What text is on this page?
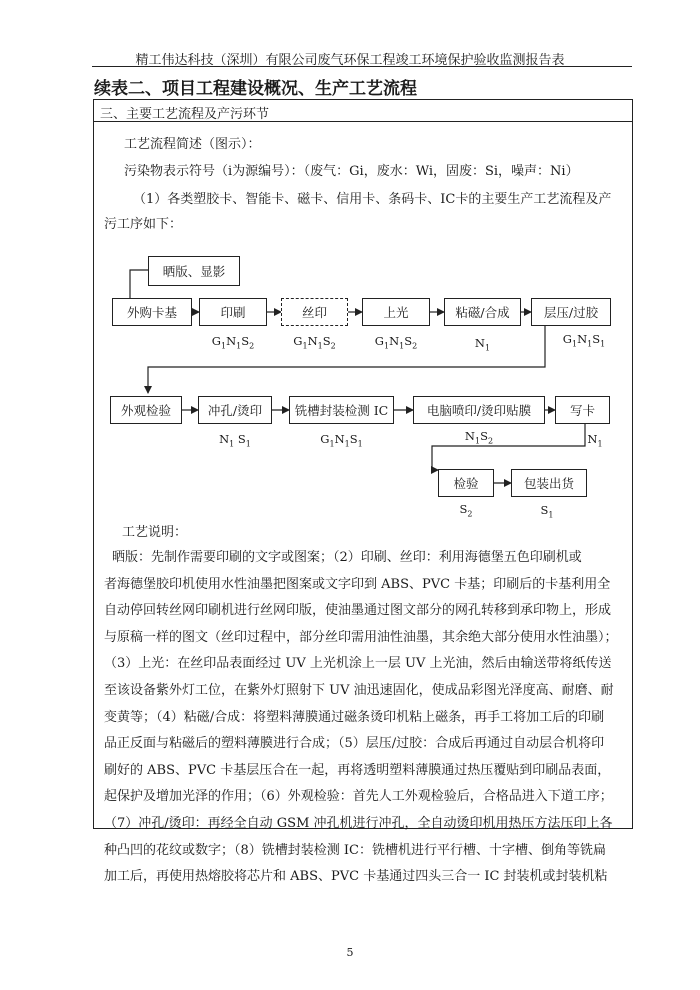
精工伟达科技（深圳）有限公司废气环保工程竣工环境保护验收监测报告表
续表二、项目工程建设概况、生产工艺流程
三、主要工艺流程及产污环节
工艺流程简述（图示）：
污染物表示符号（i为源编号）：（废气：Gi，废水：Wi，固废：Si，噪声：Ni）
（1）各类塑胶卡、智能卡、磁卡、信用卡、条码卡、IC卡的主要生产工艺流程及产
污工序如下：
晒版、显影
外购卡基	印刷	丝印	上光	粘磁/合成	层压/过胶
$G_1N_1S_2$	$G_1N_1S_2$	$G_1N_1S_2$	$N_1$
$G_1N_1S_1$
外观检验	冲孔/烫印	铣槽封装检测 IC	电脑喷印/烫印贴膜	写卡
$N_1$ $S_1$	$G_1N_1S_1$
$N_1S_2$	$N_1$
检验	包装出货
$S_2$	$S_1$
工艺说明：
晒版：先制作需要印刷的文字或图案；（2）印刷、丝印：利用海德堡五色印刷机或
者海德堡胶印机使用水性油墨把图案或文字印到 ABS、PVC 卡基；印刷后的卡基利用全
自动停回转丝网印刷机进行丝网印版，使油墨通过图文部分的网孔转移到承印物上，形成
与原稿一样的图文（丝印过程中，部分丝印需用油性油墨，其余绝大部分使用水性油墨）；
（3）上光：在丝印品表面经过 UV 上光机涂上一层 UV 上光油，然后由输送带将纸传送
至该设备紫外灯工位，在紫外灯照射下 UV 油迅速固化，使成品彩图光泽度高、耐磨、耐
变黄等；（4）粘磁/合成：将塑料薄膜通过磁条烫印机粘上磁条，再手工将加工后的印刷
品正反面与粘磁后的塑料薄膜进行合成；（5）层压/过胶：合成后再通过自动层合机将印
刷好的 ABS、PVC 卡基层压合在一起，再将透明塑料薄膜通过热压覆贴到印刷品表面，
起保护及增加光泽的作用；（6）外观检验：首先人工外观检验后，合格品进入下道工序；
（7）冲孔/烫印：再经全自动 GSM 冲孔机进行冲孔，全自动烫印机用热压方法压印上各
种凸凹的花纹或数字；（8）铣槽封装检测 IC：铣槽机进行平行槽、十字槽、倒角等铣扁
加工后，再使用热熔胶将芯片和 ABS、PVC 卡基通过四头三合一 IC 封装机或封装机粘
5
